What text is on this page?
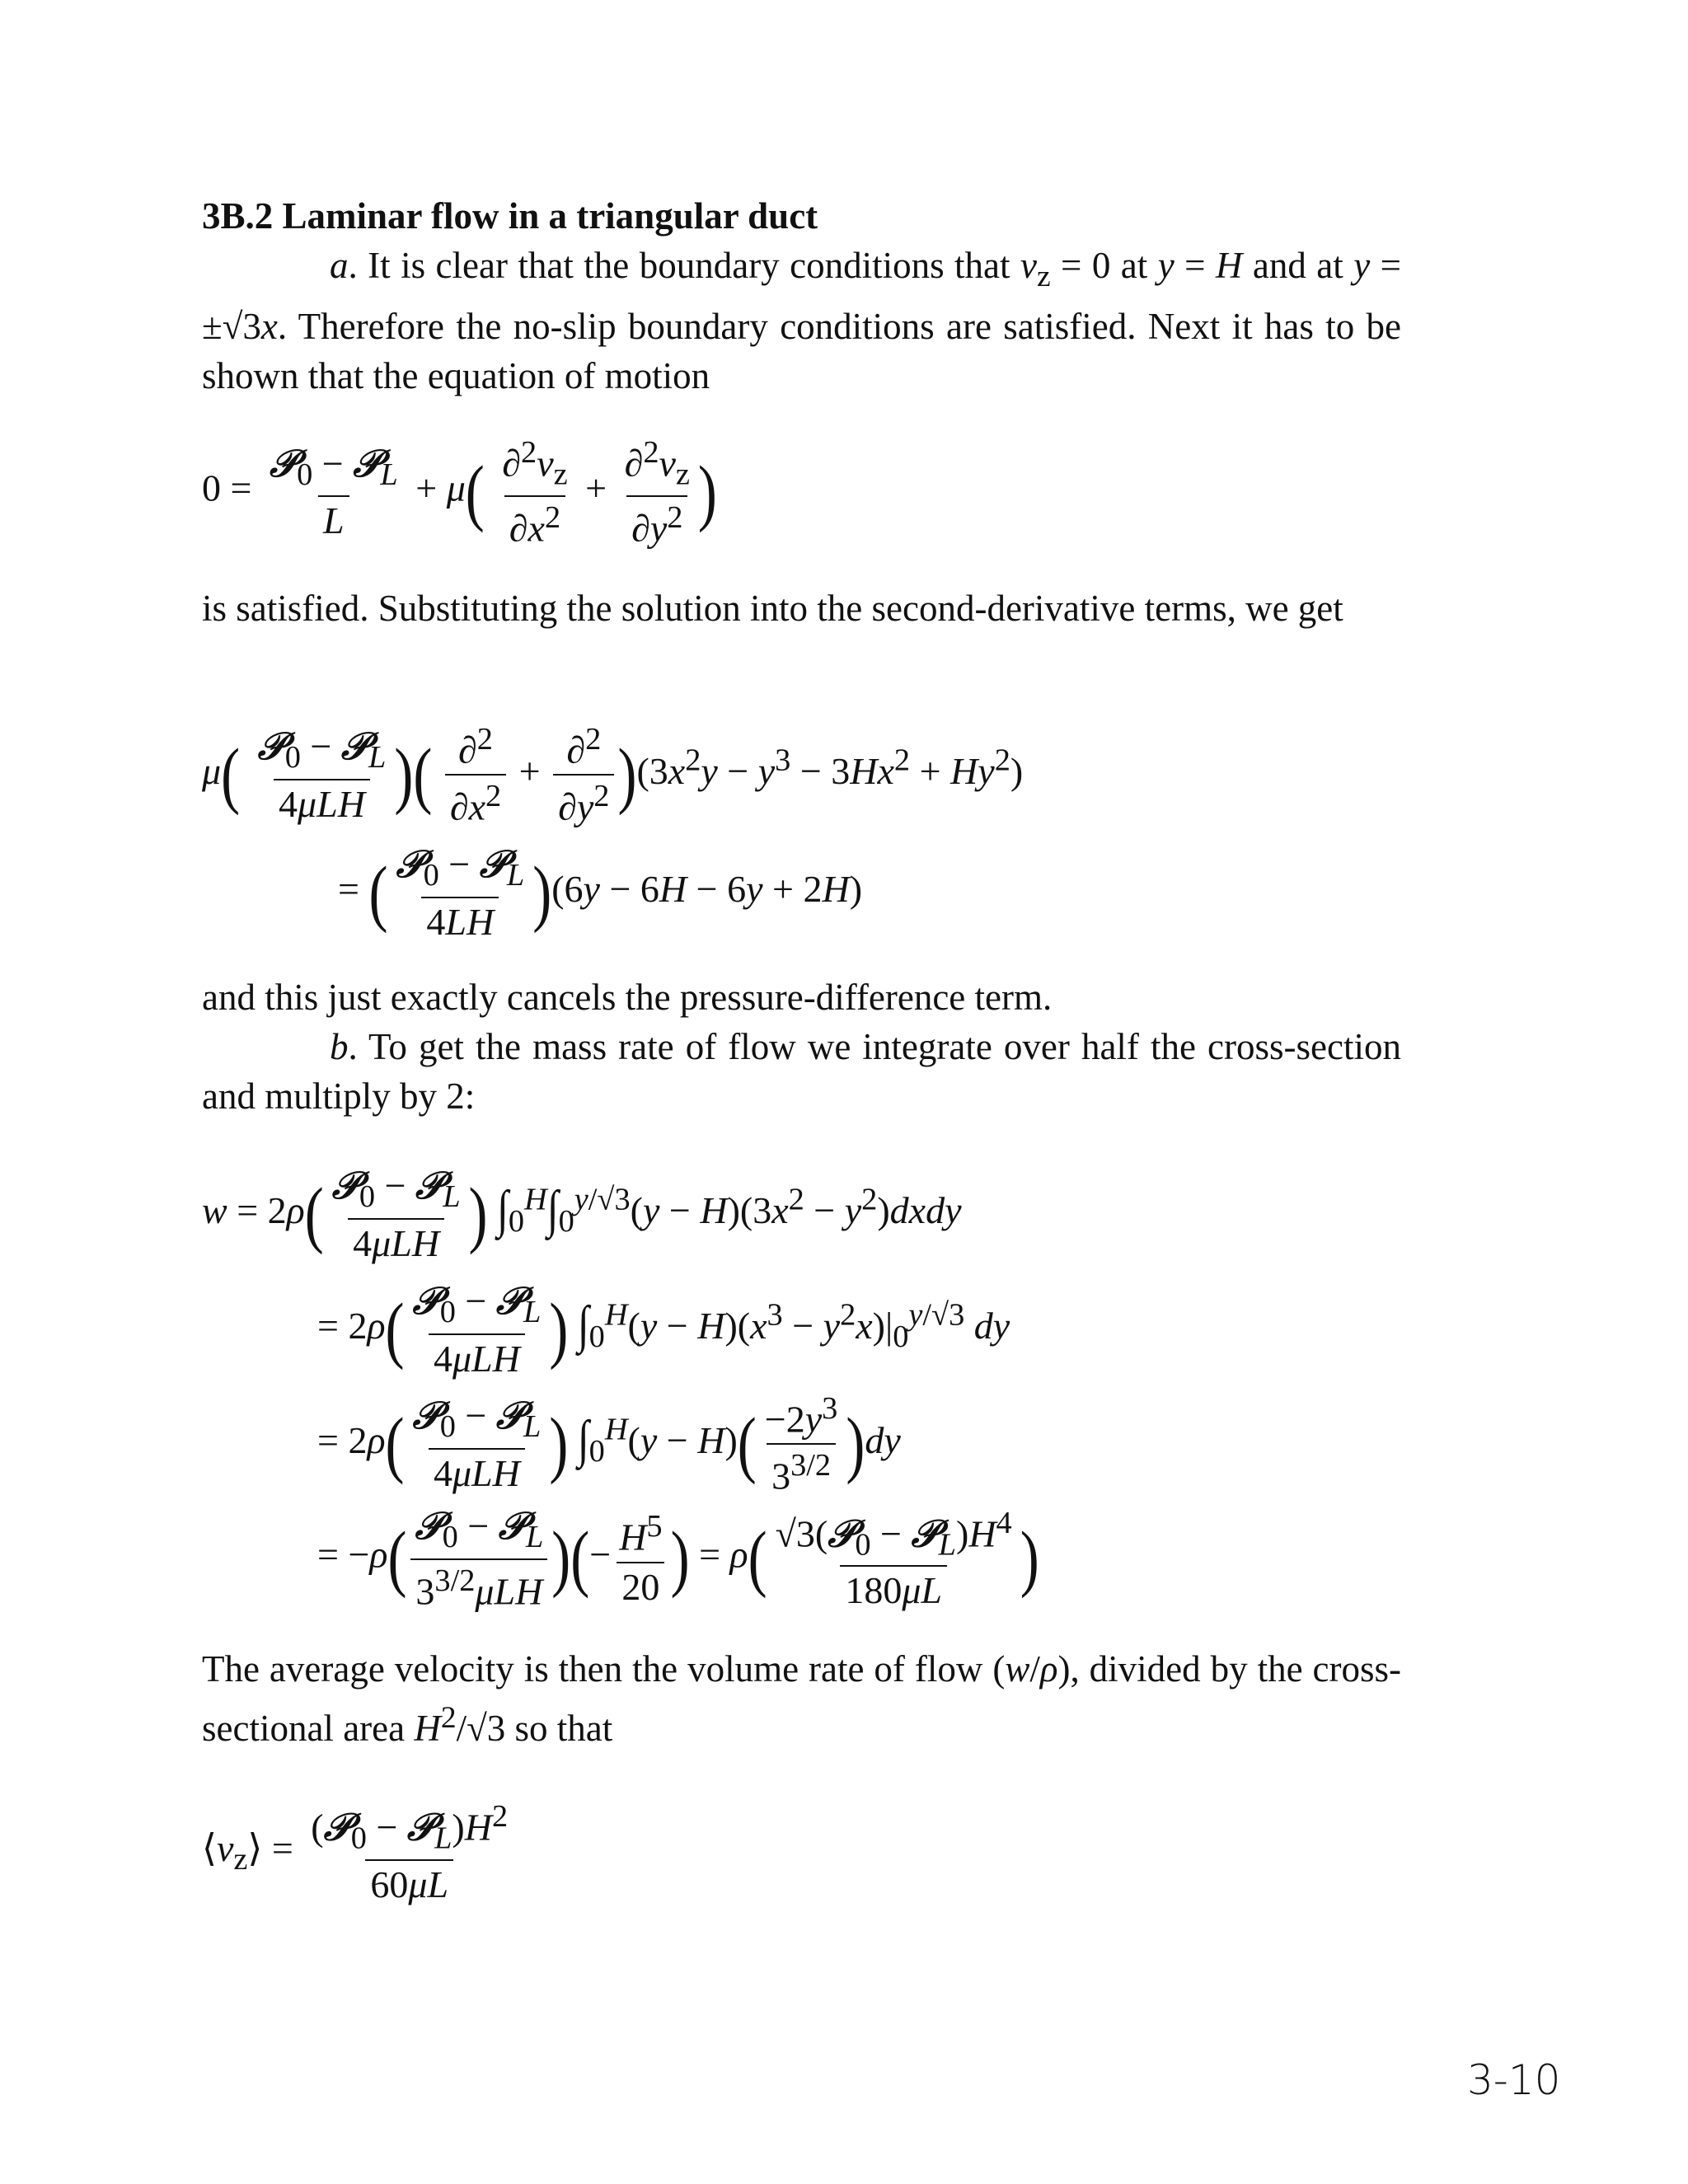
3B.2 Laminar flow in a triangular duct
a. It is clear that the boundary conditions that $v_z = 0$ at y = H and at y = ±√3x. Therefore the no-slip boundary conditions are satisfied. Next it has to be shown that the equation of motion
$0 = \frac{𝒫_0 - 𝒫_L}{L} + \mu( \frac{\partial^2v_z}{\partial x^2} + \frac{\partial^2v_z}{\partial y^2}$ )
is satisfied. Substituting the solution into the second-derivative terms, we get
$\mu( \frac{𝒫_0 - 𝒫_L}{\text{4μLH}}$ )( $\frac{\partial^2}{\partial x^2} + \frac{\partial^2}{\partial y^2} )(3x^2y - y^3 - 3Hx^2 + Hy^2)$
= ( $\frac{𝒫_0 - 𝒫_L}{4LH} )(6y - 6H - 6y + 2H)$
and this just exactly cancels the pressure-difference term.
b. To get the mass rate of flow we integrate over half the cross-section and multiply by 2:
$w = 2\rho( \frac{𝒫_0 - 𝒫_L}{\text{4μLH}}$ ) $\int_0^H\int_0^{y/√3}(y - H)(3x^2$ − $y^2)dxdy$
= $2\rho( \frac{𝒫_0 - 𝒫_L}{\text{4μLH}}$ ) $\int_0^H(y - H)(x^3 - y^2x)|_0^{y/√3}$ dy
= $2\rho( \frac{𝒫_0 - 𝒫_L}{\text{4μLH}}$ ) $\int_0^H(y - H)( \frac{-2y^3}{3^{3/2}} )dy$
= $-\rho( \frac{𝒫_0 - 𝒫_L}{3^{3/2}\mu LH}$ )(− $\frac{H^5}{20}$ ) = $\rho( \frac{√3(𝒫_0 - 𝒫_L)H^4}{180\mu L}$ )
The average velocity is then the volume rate of flow (w/ρ), divided by the cross-sectional area $H^2/√3$ so that
$⟨v_z⟩ = \frac{(𝒫_0 - 𝒫_L)H^2}{60\mu L}$
3-10
